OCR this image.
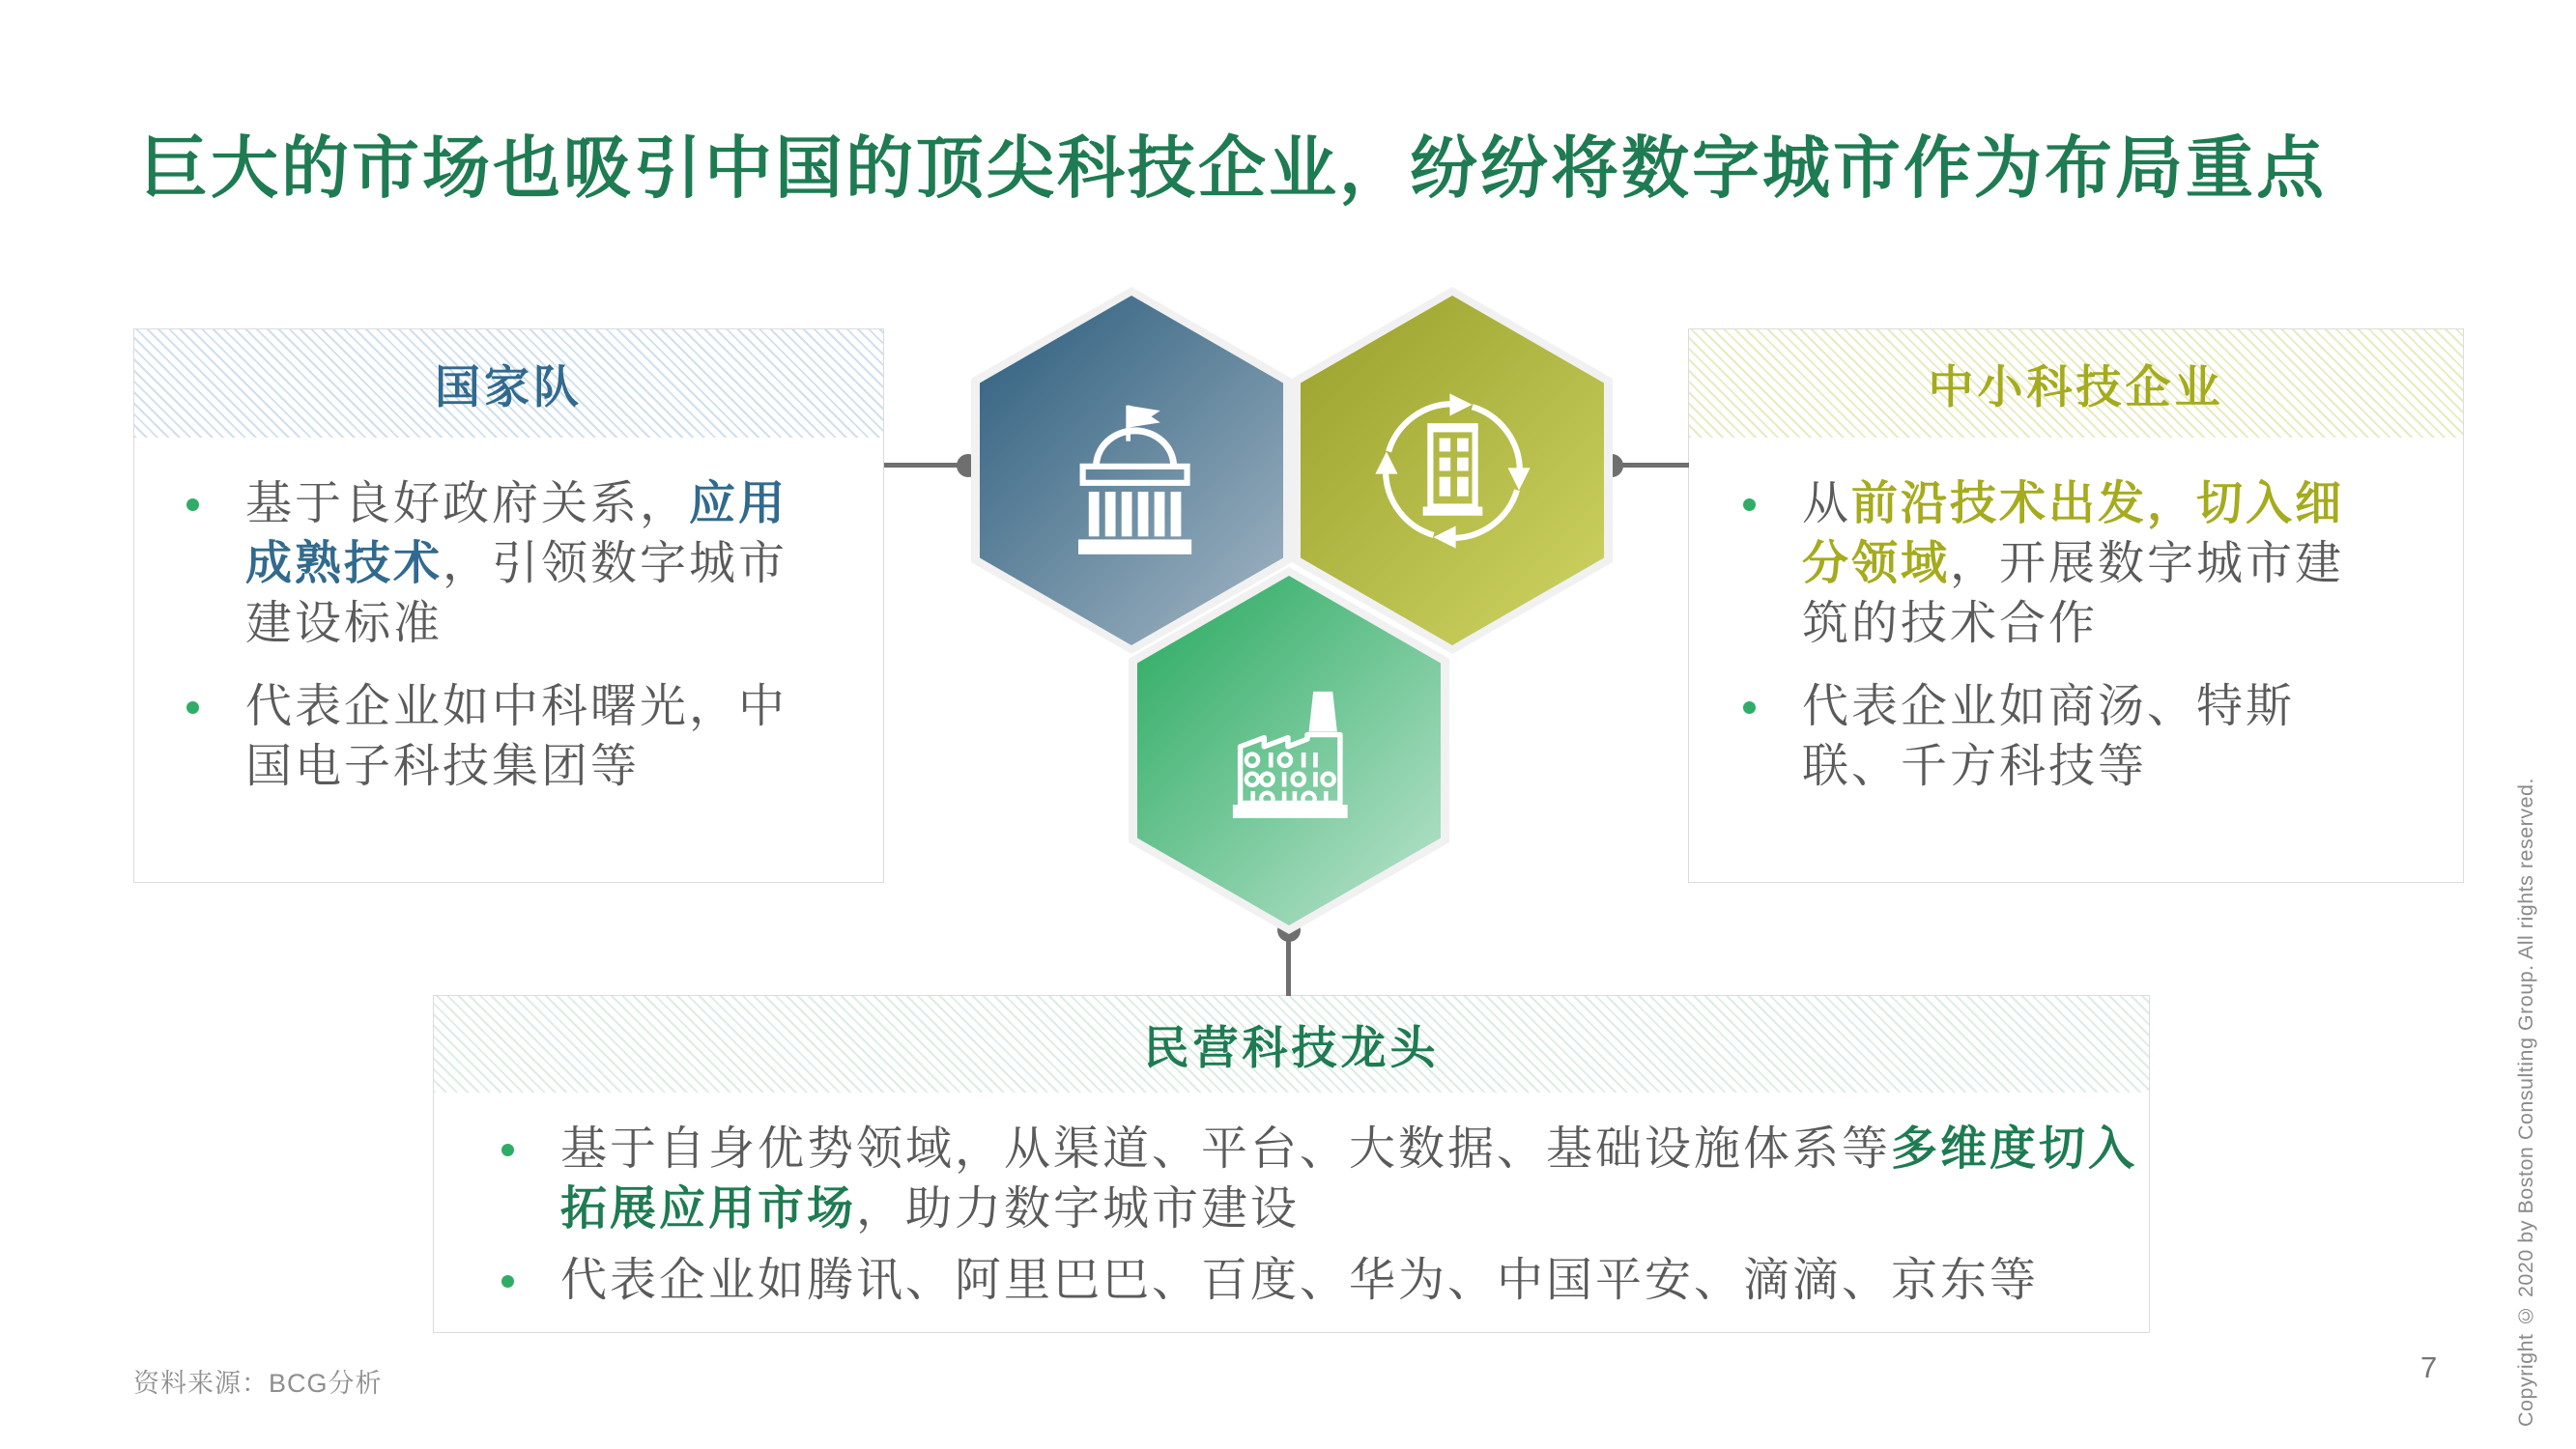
巨大的市场也吸引中国的顶尖科技企业，纷纷将数字城市作为布局重点
国家队
基于良好政府关系，应用成熟技术，引领数字城市建设标准
代表企业如中科曙光，中国电子科技集团等
中小科技企业
从前沿技术出发，切入细分领域，开展数字城市建筑的技术合作
代表企业如商汤、特斯联、千方科技等
民营科技龙头
基于自身优势领域，从渠道、平台、大数据、基础设施体系等多维度切入拓展应用市场，助力数字城市建设
代表企业如腾讯、阿里巴巴、百度、华为、中国平安、滴滴、京东等
资料来源：BCG分析	7	Copyright © 2020 by Boston Consulting Group. All rights reserved.
